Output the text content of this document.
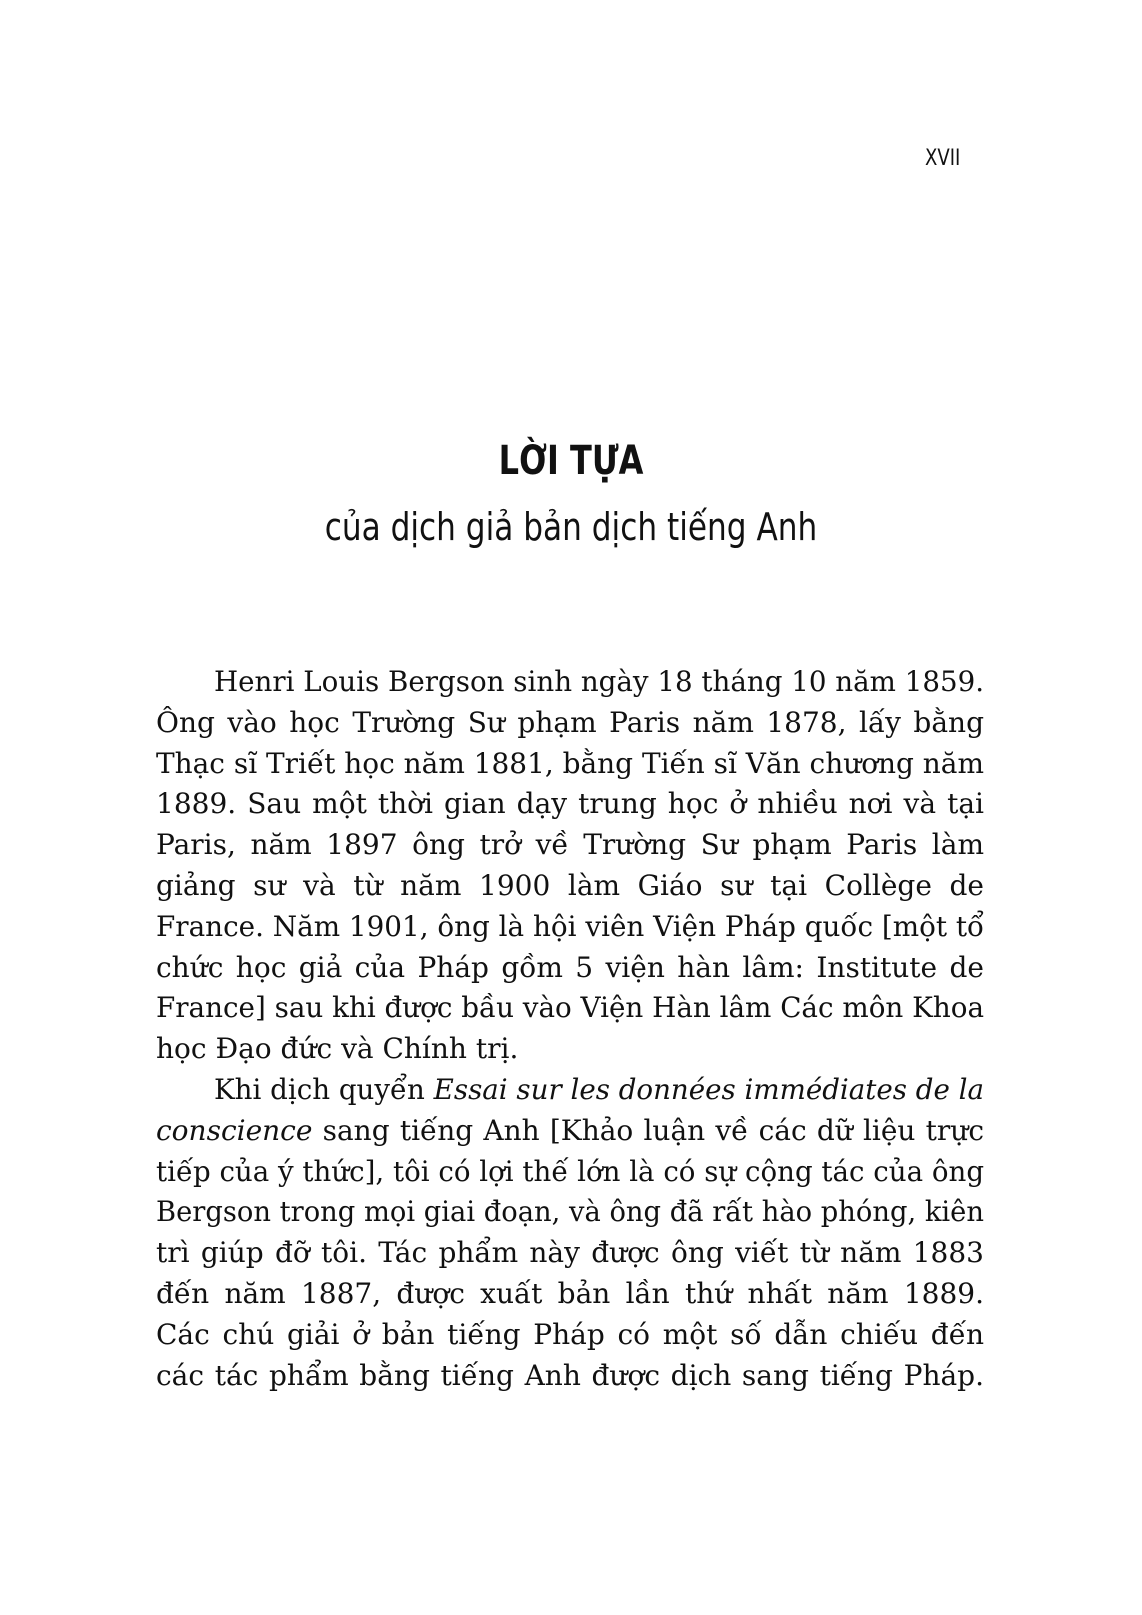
XVII
LỜI TỰA
của dịch giả bản dịch tiếng Anh
Henri Louis Bergson sinh ngày 18 tháng 10 năm 1859.
Ông vào học Trường Sư phạm Paris năm 1878, lấy bằng
Thạc sĩ Triết học năm 1881, bằng Tiến sĩ Văn chương năm
1889. Sau một thời gian dạy trung học ở nhiều nơi và tại
Paris, năm 1897 ông trở về Trường Sư phạm Paris làm
giảng sư và từ năm 1900 làm Giáo sư tại Collège de
France. Năm 1901, ông là hội viên Viện Pháp quốc [một tổ
chức học giả của Pháp gồm 5 viện hàn lâm: Institute de
France] sau khi được bầu vào Viện Hàn lâm Các môn Khoa
học Đạo đức và Chính trị.
Khi dịch quyển Essai sur les données immédiates de la
conscience sang tiếng Anh [Khảo luận về các dữ liệu trực
tiếp của ý thức], tôi có lợi thế lớn là có sự cộng tác của ông
Bergson trong mọi giai đoạn, và ông đã rất hào phóng, kiên
trì giúp đỡ tôi. Tác phẩm này được ông viết từ năm 1883
đến năm 1887, được xuất bản lần thứ nhất năm 1889.
Các chú giải ở bản tiếng Pháp có một số dẫn chiếu đến
các tác phẩm bằng tiếng Anh được dịch sang tiếng Pháp.
